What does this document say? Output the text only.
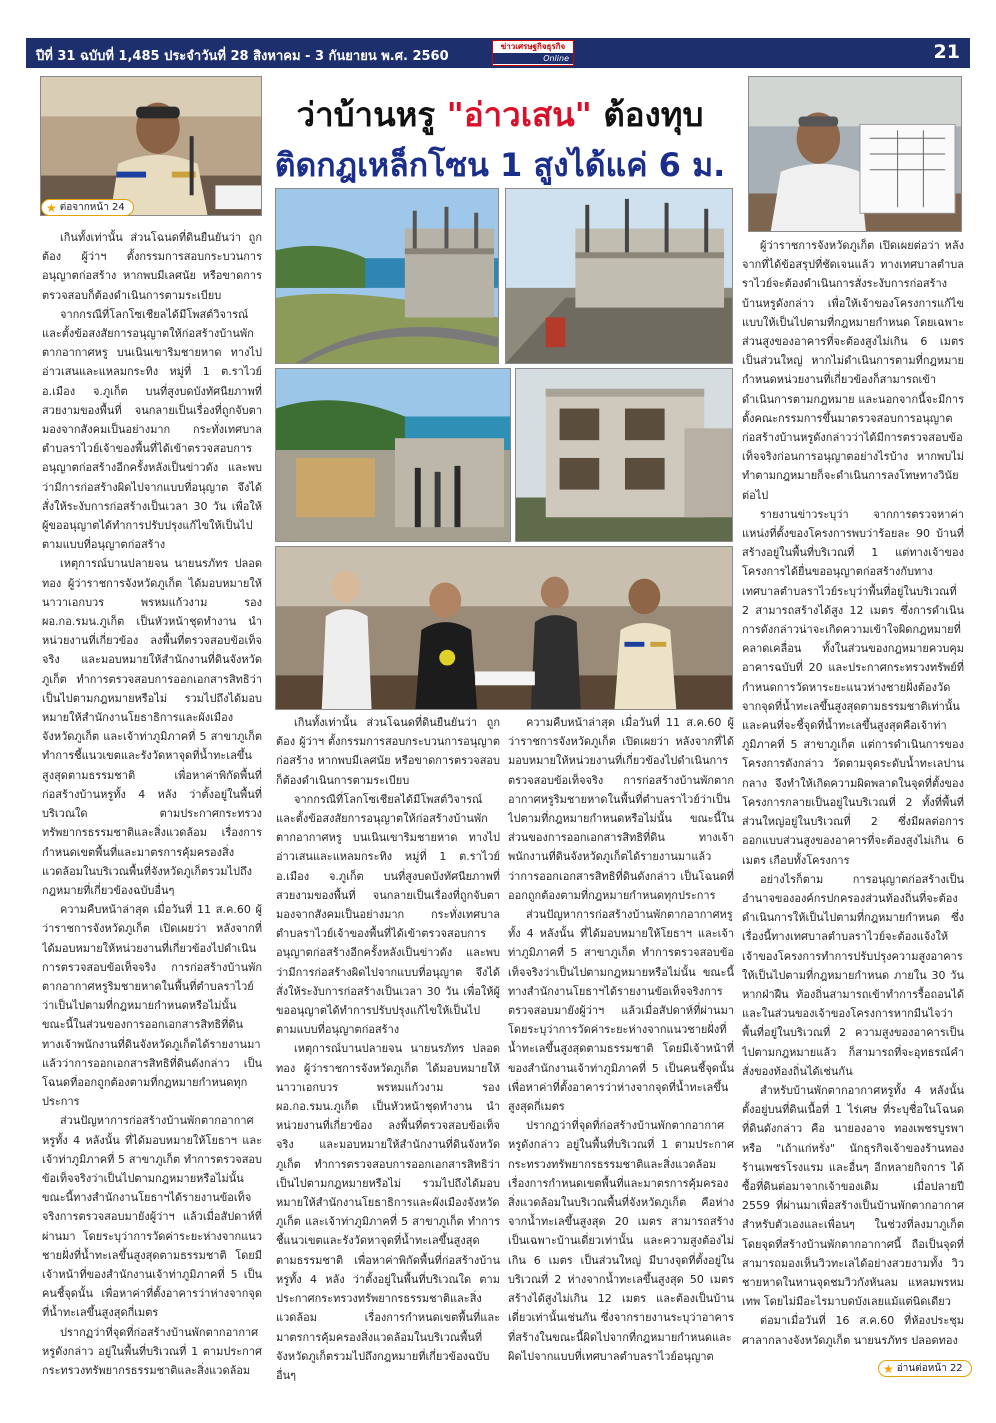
ปีที่ 31 ฉบับที่ 1,485 ประจำวันที่ 28 สิงหาคม - 3 กันยายน พ.ศ. 2560
ข่าวเศรษฐกิจธุรกิจ
Online	21
★ ต่อจากหน้า 24
ว่าบ้านหรู "อ่าวเสน" ต้องทุบ
ติดกฎเหล็กโซน 1 สูงได้แค่ 6 ม.

เกินทั้งเท่านั้น ส่วนโฉนดที่ดินยืนยันว่า ถูกต้อง ผู้ว่าฯ ตั้งกรรมการสอบกระบวนการอนุญาตก่อสร้าง หากพบมีเลศนัย หรือขาดการตรวจสอบก็ต้องดำเนินการตามระเบียบ

จากกรณีที่โลกโซเชียลได้มีโพสต์วิจารณ์และตั้งข้อสงสัยการอนุญาตให้ก่อสร้างบ้านพักตากอากาศหรู บนเนินเขาริมชายหาด ทางไปอ่าวเสนและแหลมกระทิง หมู่ที่ 1 ต.ราไวย์ อ.เมือง จ.ภูเก็ต บนที่สูงบดบังทัศนียภาพที่สวยงามของพื้นที่ จนกลายเป็นเรื่องที่ถูกจับตามองจากสังคมเป็นอย่างมาก กระทั่งเทศบาลตำบลราไวย์เจ้าของพื้นที่ได้เข้าตรวจสอบการอนุญาตก่อสร้างอีกครั้งหลังเป็นข่าวดัง และพบว่ามีการก่อสร้างผิดไปจากแบบที่อนุญาต จึงได้สั่งให้ระงับการก่อสร้างเป็นเวลา 30 วัน เพื่อให้ผู้ขออนุญาตได้ทำการปรับปรุงแก้ไขให้เป็นไปตามแบบที่อนุญาตก่อสร้าง

เหตุการณ์บานปลายจน นายนรภัทร ปลอดทอง ผู้ว่าราชการจังหวัดภูเก็ต ได้มอบหมายให้ นาวาเอกบวร พรหมแก้วงาม รอง ผอ.กอ.รมน.ภูเก็ต เป็นหัวหน้าชุดทำงาน นำหน่วยงานที่เกี่ยวข้อง ลงพื้นที่ตรวจสอบข้อเท็จจริง และมอบหมายให้สำนักงานที่ดินจังหวัดภูเก็ต ทำการตรวจสอบการออกเอกสารสิทธิว่าเป็นไปตามกฎหมายหรือไม่ รวมไปถึงได้มอบหมายให้สำนักงานโยธาธิการและผังเมืองจังหวัดภูเก็ต และเจ้าท่าภูมิภาคที่ 5 สาขาภูเก็ต ทำการชี้แนวเขตและรังวัดหาจุดที่น้ำทะเลขึ้นสูงสุดตามธรรมชาติ เพื่อหาค่าพิกัดพื้นที่ก่อสร้างบ้านหรูทั้ง 4 หลัง ว่าตั้งอยู่ในพื้นที่บริเวณใด ตามประกาศกระทรวงทรัพยากรธรรมชาติและสิ่งแวดล้อม เรื่องการกำหนดเขตพื้นที่และมาตรการคุ้มครองสิ่งแวดล้อมในบริเวณพื้นที่จังหวัดภูเก็ตรวมไปถึงกฎหมายที่เกี่ยวข้องฉบับอื่นๆ

ความคืบหน้าล่าสุด เมื่อวันที่ 11 ส.ค.60 ผู้ว่าราชการจังหวัดภูเก็ต เปิดเผยว่า หลังจากที่ได้มอบหมายให้หน่วยงานที่เกี่ยวข้องไปดำเนินการตรวจสอบข้อเท็จจริง การก่อสร้างบ้านพักตากอากาศหรูริมชายหาดในพื้นที่ตำบลราไวย์ว่าเป็นไปตามที่กฎหมายกำหนดหรือไม่นั้น ขณะนี้ในส่วนของการออกเอกสารสิทธิที่ดิน ทางเจ้าพนักงานที่ดินจังหวัดภูเก็ตได้รายงานมาแล้วว่าการออกเอกสารสิทธิที่ดินดังกล่าว เป็นโฉนดที่ออกถูกต้องตามที่กฎหมายกำหนดทุกประการ

ส่วนปัญหาการก่อสร้างบ้านพักตากอากาศหรูทั้ง 4 หลังนั้น ที่ได้มอบหมายให้โยธาฯ และเจ้าท่าภูมิภาคที่ 5 สาขาภูเก็ต ทำการตรวจสอบข้อเท็จจริงว่าเป็นไปตามกฎหมายหรือไม่นั้น ขณะนี้ทางสำนักงานโยธาฯได้รายงานข้อเท็จจริงการตรวจสอบมายังผู้ว่าฯ แล้วเมื่อสัปดาห์ที่ผ่านมา โดยระบุว่าการวัดค่าระยะห่างจากแนวชายฝั่งที่น้ำทะเลขึ้นสูงสุดตามธรรมชาติ โดยมีเจ้าหน้าที่ของสำนักงานเจ้าท่าภูมิภาคที่ 5 เป็นคนชี้จุดนั้น เพื่อหาค่าที่ตั้งอาคารว่าห่างจากจุดที่น้ำทะเลขึ้นสูงสุดกี่เมตร

ปรากฏว่าที่จุดที่ก่อสร้างบ้านพักตากอากาศหรูดังกล่าว อยู่ในพื้นที่บริเวณที่ 1 ตามประกาศกระทรวงทรัพยากรธรรมชาติและสิ่งแวดล้อม

เกินทั้งเท่านั้น ส่วนโฉนดที่ดินยืนยันว่า ถูกต้อง ผู้ว่าฯ ตั้งกรรมการสอบกระบวนการอนุญาตก่อสร้าง หากพบมีเลศนัย หรือขาดการตรวจสอบก็ต้องดำเนินการตามระเบียบ

จากกรณีที่โลกโซเชียลได้มีโพสต์วิจารณ์และตั้งข้อสงสัยการอนุญาตให้ก่อสร้างบ้านพักตากอากาศหรู บนเนินเขาริมชายหาด ทางไปอ่าวเสนและแหลมกระทิง หมู่ที่ 1 ต.ราไวย์ อ.เมือง จ.ภูเก็ต บนที่สูงบดบังทัศนียภาพที่สวยงามของพื้นที่ จนกลายเป็นเรื่องที่ถูกจับตามองจากสังคมเป็นอย่างมาก กระทั่งเทศบาลตำบลราไวย์เจ้าของพื้นที่ได้เข้าตรวจสอบการอนุญาตก่อสร้างอีกครั้งหลังเป็นข่าวดัง และพบว่ามีการก่อสร้างผิดไปจากแบบที่อนุญาต จึงได้สั่งให้ระงับการก่อสร้างเป็นเวลา 30 วัน เพื่อให้ผู้ขออนุญาตได้ทำการปรับปรุงแก้ไขให้เป็นไปตามแบบที่อนุญาตก่อสร้าง

เหตุการณ์บานปลายจน นายนรภัทร ปลอดทอง ผู้ว่าราชการจังหวัดภูเก็ต ได้มอบหมายให้ นาวาเอกบวร พรหมแก้วงาม รอง ผอ.กอ.รมน.ภูเก็ต เป็นหัวหน้าชุดทำงาน นำหน่วยงานที่เกี่ยวข้อง ลงพื้นที่ตรวจสอบข้อเท็จจริง และมอบหมายให้สำนักงานที่ดินจังหวัดภูเก็ต ทำการตรวจสอบการออกเอกสารสิทธิว่าเป็นไปตามกฎหมายหรือไม่ รวมไปถึงได้มอบหมายให้สำนักงานโยธาธิการและผังเมืองจังหวัดภูเก็ต และเจ้าท่าภูมิภาคที่ 5 สาขาภูเก็ต ทำการชี้แนวเขตและรังวัดหาจุดที่น้ำทะเลขึ้นสูงสุดตามธรรมชาติ เพื่อหาค่าพิกัดพื้นที่ก่อสร้างบ้านหรูทั้ง 4 หลัง ว่าตั้งอยู่ในพื้นที่บริเวณใด ตามประกาศกระทรวงทรัพยากรธรรมชาติและสิ่งแวดล้อม เรื่องการกำหนดเขตพื้นที่และมาตรการคุ้มครองสิ่งแวดล้อมในบริเวณพื้นที่จังหวัดภูเก็ตรวมไปถึงกฎหมายที่เกี่ยวข้องฉบับอื่นๆ

ความคืบหน้าล่าสุด เมื่อวันที่ 11 ส.ค.60 ผู้ว่าราชการจังหวัดภูเก็ต เปิดเผยว่า หลังจากที่ได้มอบหมายให้หน่วยงานที่เกี่ยวข้องไปดำเนินการตรวจสอบข้อเท็จจริง การก่อสร้างบ้านพักตากอากาศหรูริมชายหาดในพื้นที่ตำบลราไวย์ว่าเป็นไปตามที่กฎหมายกำหนดหรือไม่นั้น ขณะนี้ในส่วนของการออกเอกสารสิทธิที่ดิน ทางเจ้าพนักงานที่ดินจังหวัดภูเก็ตได้รายงานมาแล้วว่าการออกเอกสารสิทธิที่ดินดังกล่าว เป็นโฉนดที่ออกถูกต้องตามที่กฎหมายกำหนดทุกประการ

ส่วนปัญหาการก่อสร้างบ้านพักตากอากาศหรูทั้ง 4 หลังนั้น ที่ได้มอบหมายให้โยธาฯ และเจ้าท่าภูมิภาคที่ 5 สาขาภูเก็ต ทำการตรวจสอบข้อเท็จจริงว่าเป็นไปตามกฎหมายหรือไม่นั้น ขณะนี้ทางสำนักงานโยธาฯได้รายงานข้อเท็จจริงการตรวจสอบมายังผู้ว่าฯ แล้วเมื่อสัปดาห์ที่ผ่านมา โดยระบุว่าการวัดค่าระยะห่างจากแนวชายฝั่งที่น้ำทะเลขึ้นสูงสุดตามธรรมชาติ โดยมีเจ้าหน้าที่ของสำนักงานเจ้าท่าภูมิภาคที่ 5 เป็นคนชี้จุดนั้น เพื่อหาค่าที่ตั้งอาคารว่าห่างจากจุดที่น้ำทะเลขึ้นสูงสุดกี่เมตร

ปรากฏว่าที่จุดที่ก่อสร้างบ้านพักตากอากาศหรูดังกล่าว อยู่ในพื้นที่บริเวณที่ 1 ตามประกาศกระทรวงทรัพยากรธรรมชาติและสิ่งแวดล้อม เรื่องการกำหนดเขตพื้นที่และมาตรการคุ้มครองสิ่งแวดล้อมในบริเวณพื้นที่จังหวัดภูเก็ต คือห่างจากน้ำทะเลขึ้นสูงสุด 20 เมตร สามารถสร้างเป็นเฉพาะบ้านเดี่ยวเท่านั้น และความสูงต้องไม่เกิน 6 เมตร เป็นส่วนใหญ่ มีบางจุดที่ตั้งอยู่ในบริเวณที่ 2 ห่างจากน้ำทะเลขึ้นสูงสุด 50 เมตร สร้างได้สูงไม่เกิน 12 เมตร และต้องเป็นบ้านเดี่ยวเท่านั้นเช่นกัน ซึ่งจากรายงานระบุว่าอาคารที่สร้างในขณะนี้ผิดไปจากที่กฎหมายกำหนดและผิดไปจากแบบที่เทศบาลตำบลราไวย์อนุญาต

ผู้ว่าราชการจังหวัดภูเก็ต เปิดเผยต่อว่า หลังจากที่ได้ข้อสรุปที่ชัดเจนแล้ว ทางเทศบาลตำบลราไวย์จะต้องดำเนินการสั่งระงับการก่อสร้างบ้านหรูดังกล่าว เพื่อให้เจ้าของโครงการแก้ไขแบบให้เป็นไปตามที่กฎหมายกำหนด โดยเฉพาะส่วนสูงของอาคารที่จะต้องสูงไม่เกิน 6 เมตร เป็นส่วนใหญ่ หากไม่ดำเนินการตามที่กฎหมายกำหนดหน่วยงานที่เกี่ยวข้องก็สามารถเข้าดำเนินการตามกฎหมาย และนอกจากนี้จะมีการตั้งคณะกรรมการขึ้นมาตรวจสอบการอนุญาตก่อสร้างบ้านหรูดังกล่าวว่าได้มีการตรวจสอบข้อเท็จจริงก่อนการอนุญาตอย่างไรบ้าง หากพบไม่ทำตามกฎหมายก็จะดำเนินการลงโทษทางวินัยต่อไป

รายงานข่าวระบุว่า จากการตรวจหาค่าแหน่งที่ตั้งของโครงการพบว่าร้อยละ 90 บ้านที่สร้างอยู่ในพื้นที่บริเวณที่ 1 แต่ทางเจ้าของโครงการได้ยื่นขออนุญาตก่อสร้างกับทางเทศบาลตำบลราไวย์ระบุว่าพื้นที่อยู่ในบริเวณที่ 2 สามารถสร้างได้สูง 12 เมตร ซึ่งการดำเนินการดังกล่าวน่าจะเกิดความเข้าใจผิดกฎหมายที่คลาดเคลื่อน ทั้งในส่วนของกฎหมายควบคุมอาคารฉบับที่ 20 และประกาศกระทรวงทรัพย์ที่กำหนดการวัดหาระยะแนวห่างชายฝั่งต้องวัดจากจุดที่น้ำทะเลขึ้นสูงสุดตามธรรมชาติเท่านั้น และคนที่จะชี้จุดที่น้ำทะเลขึ้นสูงสุดคือเจ้าท่าภูมิภาคที่ 5 สาขาภูเก็ต แต่การดำเนินการของโครงการดังกล่าว วัดตามจุดระดับน้ำทะเลปานกลาง จึงทำให้เกิดความผิดพลาดในจุดที่ตั้งของโครงการกลายเป็นอยู่ในบริเวณที่ 2 ทั้งที่พื้นที่ส่วนใหญ่อยู่ในบริเวณที่ 2 ซึ่งมีผลต่อการออกแบบส่วนสูงของอาคารที่จะต้องสูงไม่เกิน 6 เมตร เกือบทั้งโครงการ

อย่างไรก็ตาม การอนุญาตก่อสร้างเป็นอำนาจขององค์กรปกครองส่วนท้องถิ่นที่จะต้องดำเนินการให้เป็นไปตามที่กฎหมายกำหนด ซึ่งเรื่องนี้ทางเทศบาลตำบลราไวย์จะต้องแจ้งให้เจ้าของโครงการทำการปรับปรุงความสูงอาคารให้เป็นไปตามที่กฎหมายกำหนด ภายใน 30 วัน หากฝ่าฝืน ท้องถิ่นสามารถเข้าทำการรื้อถอนได้ และในส่วนของเจ้าของโครงการหากมีนไจว่า พื้นที่อยู่ในบริเวณที่ 2 ความสูงของอาคารเป็นไปตามกฎหมายแล้ว ก็สามารถที่จะอุทธรณ์คำสั่งของท้องถิ่นได้เช่นกัน

สำหรับบ้านพักตากอากาศหรูทั้ง 4 หลังนั้น ตั้งอยู่บนที่ดินเนื้อที่ 1 ไร่เศษ ที่ระบุชื่อในโฉนดที่ดินดังกล่าว คือ นายองอาจ ทองเพชรบูรพา หรือ "เถ้าแก่หรั่ง" นักธุรกิจเจ้าของร้านทอง ร้านเพชรโรงแรม และอื่นๆ อีกหลายกิจการ ได้ซื้อที่ดินต่อมาจากเจ้าของเดิม เมื่อปลายปี 2559 ที่ผ่านมาเพื่อสร้างเป็นบ้านพักตากอากาศสำหรับตัวเองและเพื่อนๆ ในช่วงที่ลงมาภูเก็ต โดยจุดที่สร้างบ้านพักตากอากาศนี้ ถือเป็นจุดที่สามารถมองเห็นวิวทะเลได้อย่างสวยงามทั้ง วิวชายหาดในหานจุดชมวิวกังหันลม แหลมพรหมเทพ โดยไม่มีอะไรมาบดบังเลยแม้แต่นิดเดียว

ต่อมาเมื่อวันที่ 16 ส.ค.60 ที่ห้องประชุมศาลากลางจังหวัดภูเก็ต นายนรภัทร ปลอดทอง

★ อ่านต่อหน้า 22
